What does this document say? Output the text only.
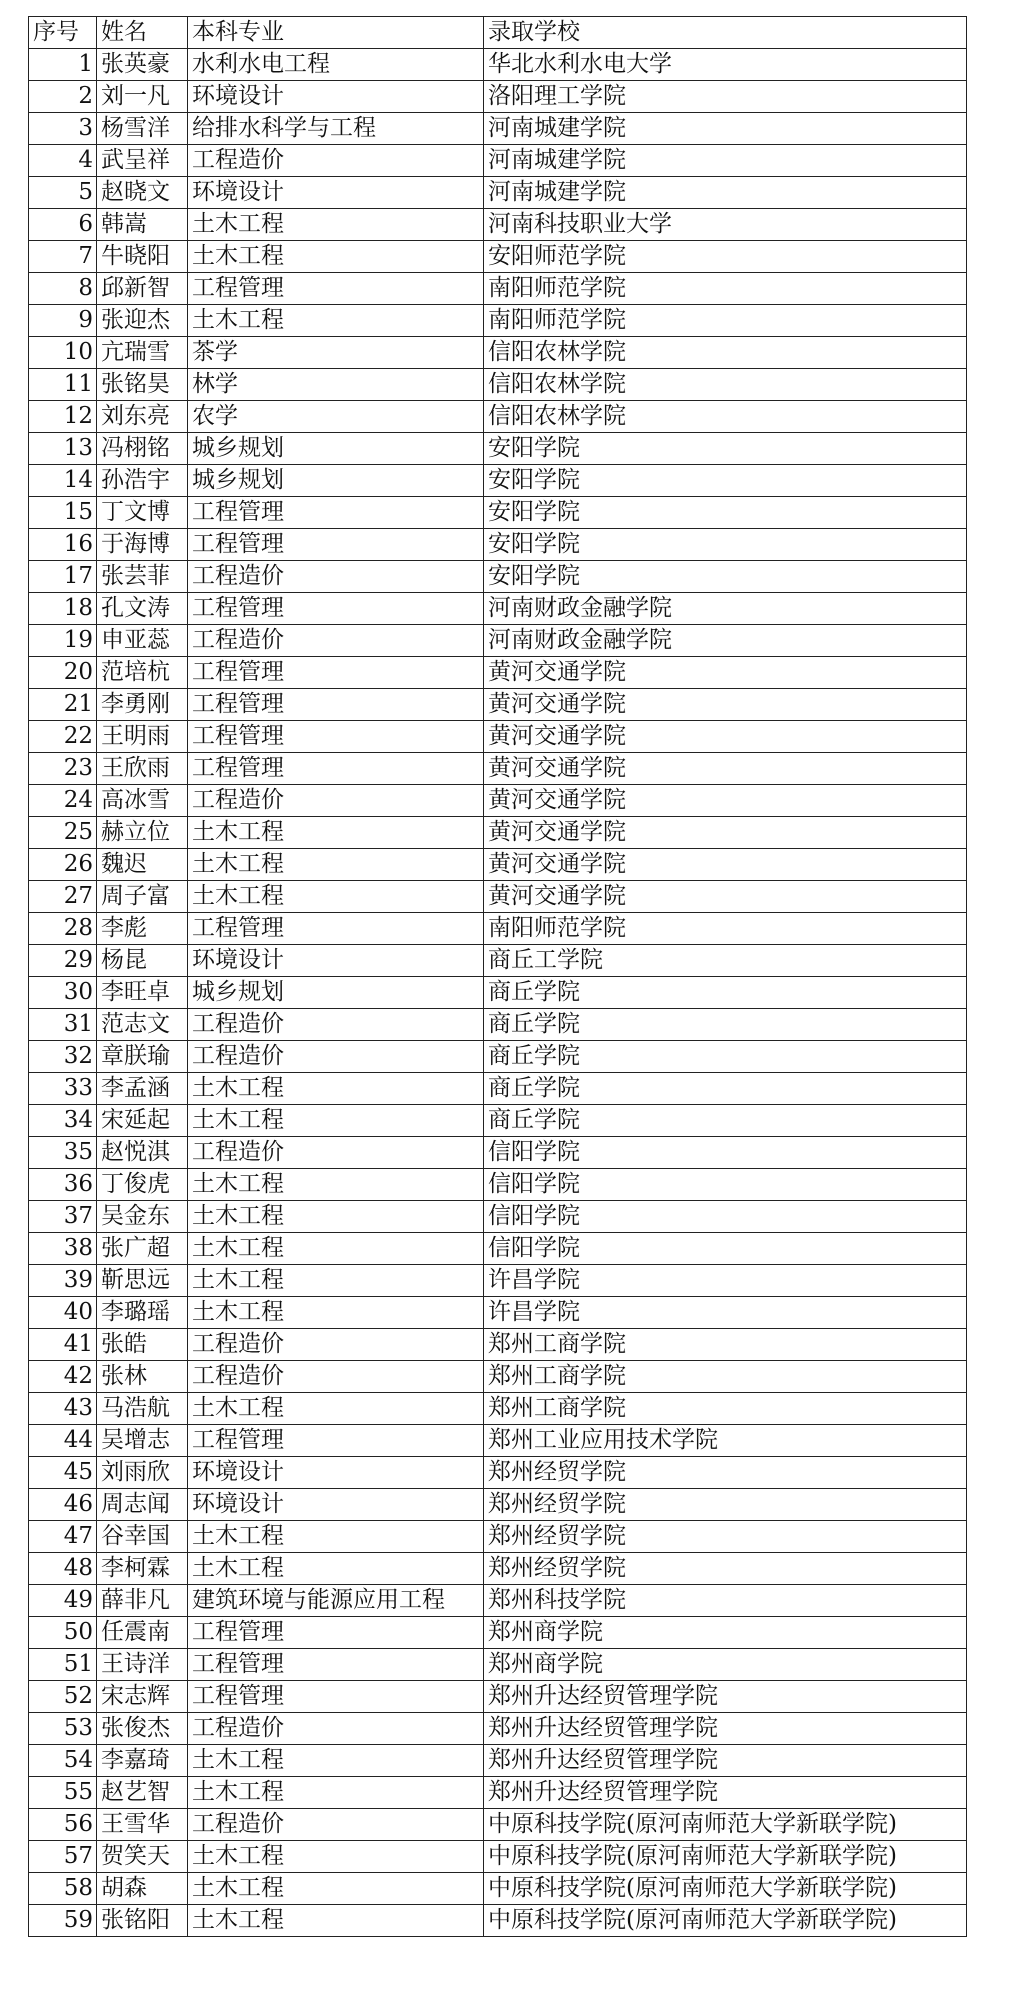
序号	姓名	本科专业	录取学校
1	张英豪	水利水电工程	华北水利水电大学
2	刘一凡	环境设计	洛阳理工学院
3	杨雪洋	给排水科学与工程	河南城建学院
4	武呈祥	工程造价	河南城建学院
5	赵晓文	环境设计	河南城建学院
6	韩嵩	土木工程	河南科技职业大学
7	牛晓阳	土木工程	安阳师范学院
8	邱新智	工程管理	南阳师范学院
9	张迎杰	土木工程	南阳师范学院
10	亢瑞雪	茶学	信阳农林学院
11	张铭昊	林学	信阳农林学院
12	刘东亮	农学	信阳农林学院
13	冯栩铭	城乡规划	安阳学院
14	孙浩宇	城乡规划	安阳学院
15	丁文博	工程管理	安阳学院
16	于海博	工程管理	安阳学院
17	张芸菲	工程造价	安阳学院
18	孔文涛	工程管理	河南财政金融学院
19	申亚蕊	工程造价	河南财政金融学院
20	范培杭	工程管理	黄河交通学院
21	李勇刚	工程管理	黄河交通学院
22	王明雨	工程管理	黄河交通学院
23	王欣雨	工程管理	黄河交通学院
24	高冰雪	工程造价	黄河交通学院
25	赫立位	土木工程	黄河交通学院
26	魏迟	土木工程	黄河交通学院
27	周子富	土木工程	黄河交通学院
28	李彪	工程管理	南阳师范学院
29	杨昆	环境设计	商丘工学院
30	李旺卓	城乡规划	商丘学院
31	范志文	工程造价	商丘学院
32	章朕瑜	工程造价	商丘学院
33	李孟涵	土木工程	商丘学院
34	宋延起	土木工程	商丘学院
35	赵悦淇	工程造价	信阳学院
36	丁俊虎	土木工程	信阳学院
37	吴金东	土木工程	信阳学院
38	张广超	土木工程	信阳学院
39	靳思远	土木工程	许昌学院
40	李璐瑶	土木工程	许昌学院
41	张皓	工程造价	郑州工商学院
42	张林	工程造价	郑州工商学院
43	马浩航	土木工程	郑州工商学院
44	吴增志	工程管理	郑州工业应用技术学院
45	刘雨欣	环境设计	郑州经贸学院
46	周志闻	环境设计	郑州经贸学院
47	谷幸国	土木工程	郑州经贸学院
48	李柯霖	土木工程	郑州经贸学院
49	薛非凡	建筑环境与能源应用工程	郑州科技学院
50	任震南	工程管理	郑州商学院
51	王诗洋	工程管理	郑州商学院
52	宋志辉	工程管理	郑州升达经贸管理学院
53	张俊杰	工程造价	郑州升达经贸管理学院
54	李嘉琦	土木工程	郑州升达经贸管理学院
55	赵艺智	土木工程	郑州升达经贸管理学院
56	王雪华	工程造价	中原科技学院(原河南师范大学新联学院)
57	贺笑天	土木工程	中原科技学院(原河南师范大学新联学院)
58	胡森	土木工程	中原科技学院(原河南师范大学新联学院)
59	张铭阳	土木工程	中原科技学院(原河南师范大学新联学院)
